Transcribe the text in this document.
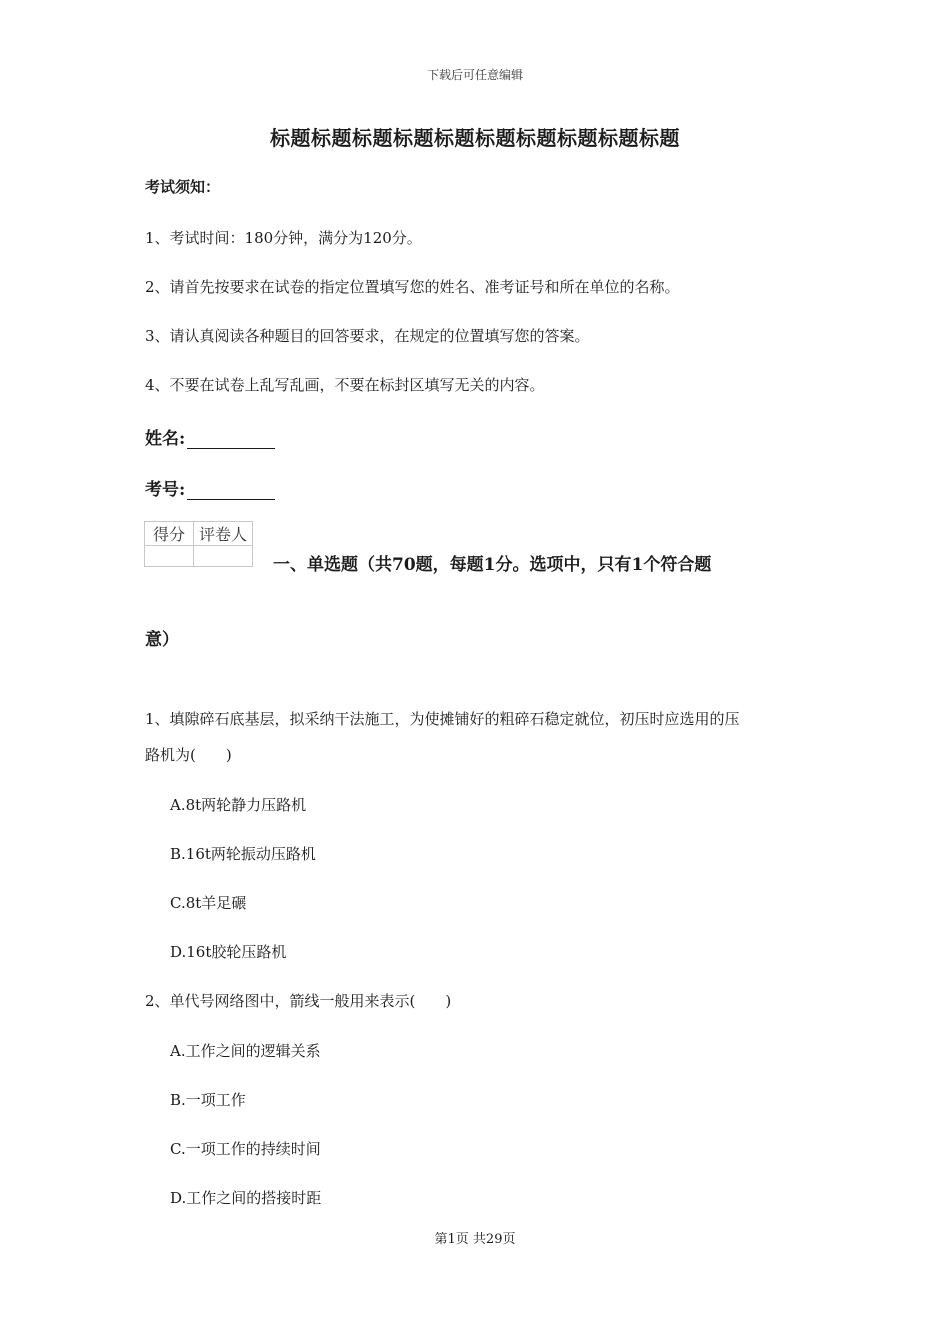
下载后可任意编辑
标题标题标题标题标题标题标题标题标题标题
考试须知：
1、考试时间：180分钟，满分为120分。
2、请首先按要求在试卷的指定位置填写您的姓名、准考证号和所在单位的名称。
3、请认真阅读各种题目的回答要求，在规定的位置填写您的答案。
4、不要在试卷上乱写乱画，不要在标封区填写无关的内容。
姓名:
考号:
得分	评卷人

一、单选题（共70题，每题1分。选项中，只有1个符合题
意）
1、填隙碎石底基层，拟采纳干法施工，为使摊铺好的粗碎石稳定就位，初压时应选用的压
路机为(　　)
A.8t两轮静力压路机
B.16t两轮振动压路机
C.8t羊足碾
D.16t胶轮压路机
2、单代号网络图中，箭线一般用来表示(　　)
A.工作之间的逻辑关系
B.一项工作
C.一项工作的持续时间
D.工作之间的搭接时距
第1页 共29页
